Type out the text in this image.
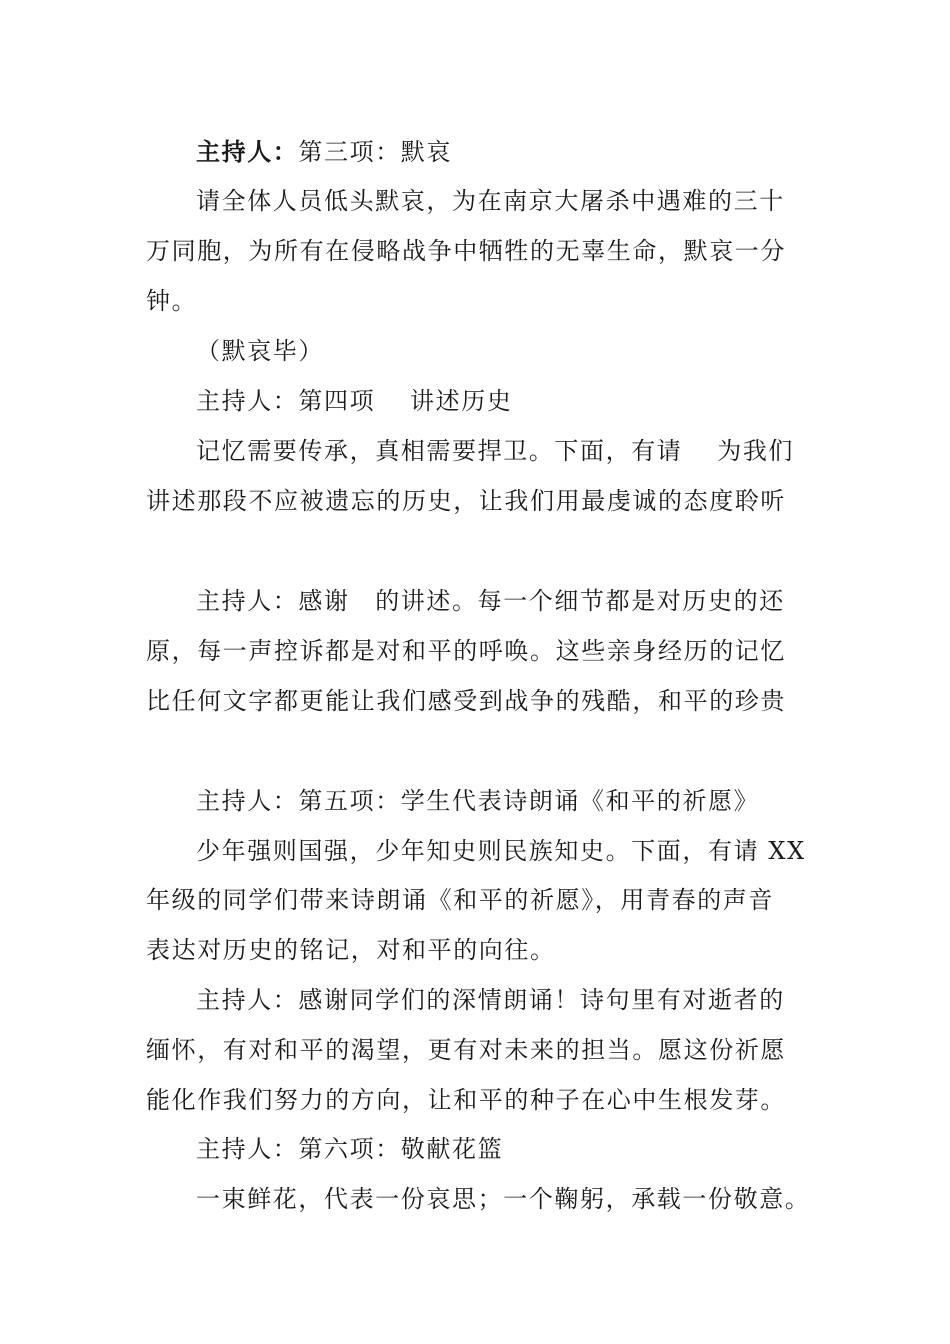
主持人：第三项：默哀
请全体人员低头默哀，为在南京大屠杀中遇难的三十
万同胞，为所有在侵略战争中牺牲的无辜生命，默哀一分
钟。
（默哀毕）
主持人：第四项　 讲述历史
记忆需要传承，真相需要捍卫。下面，有请　 为我们
讲述那段不应被遗忘的历史，让我们用最虔诚的态度聆听
主持人：感谢　的讲述。每一个细节都是对历史的还
原，每一声控诉都是对和平的呼唤。这些亲身经历的记忆
比任何文字都更能让我们感受到战争的残酷，和平的珍贵
主持人：第五项：学生代表诗朗诵《和平的祈愿》
少年强则国强，少年知史则民族知史。下面，有请 XX
年级的同学们带来诗朗诵《和平的祈愿》，用青春的声音
表达对历史的铭记，对和平的向往。
主持人：感谢同学们的深情朗诵！诗句里有对逝者的
缅怀，有对和平的渴望，更有对未来的担当。愿这份祈愿
能化作我们努力的方向，让和平的种子在心中生根发芽。
主持人：第六项：敬献花篮
一束鲜花，代表一份哀思；一个鞠躬，承载一份敬意。
